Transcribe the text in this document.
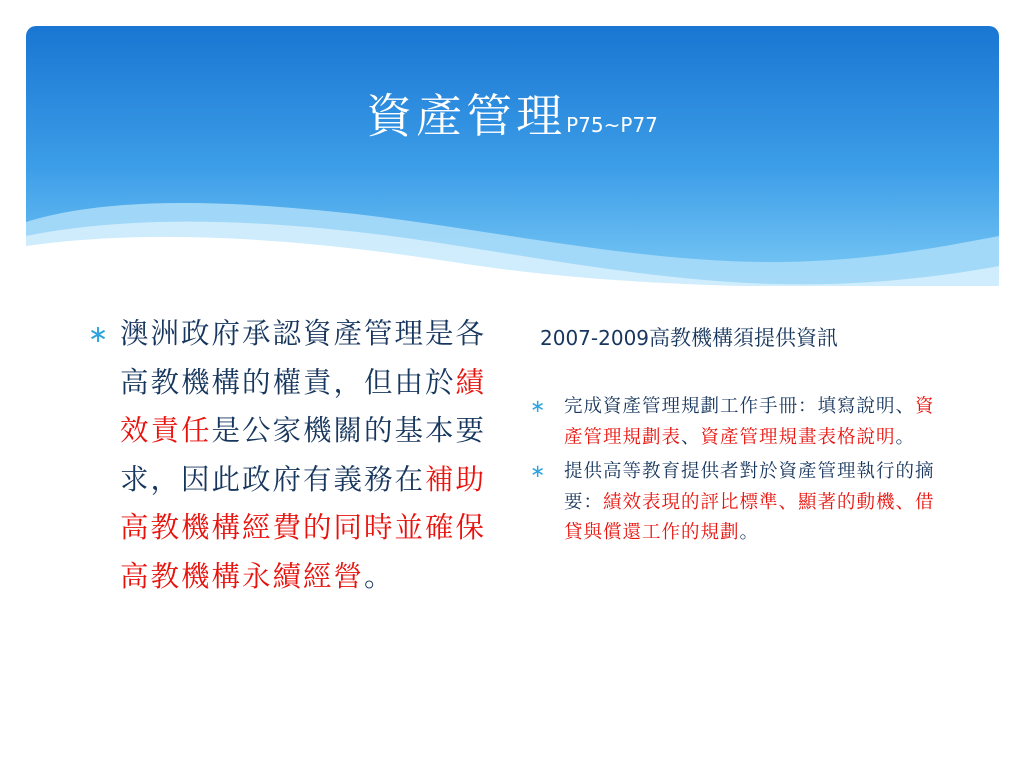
資產管理P75~P77
∗ 澳洲政府承認資產管理是各高教機構的權責，但由於績效責任是公家機關的基本要求，因此政府有義務在補助高教機構經費的同時並確保高教機構永續經營。
2007-2009高教機構須提供資訊
∗ 完成資產管理規劃工作手冊：填寫說明、資產管理規劃表、資產管理規畫表格說明。
∗ 提供高等教育提供者對於資產管理執行的摘要：績效表現的評比標準、顯著的動機、借貸與償還工作的規劃。
